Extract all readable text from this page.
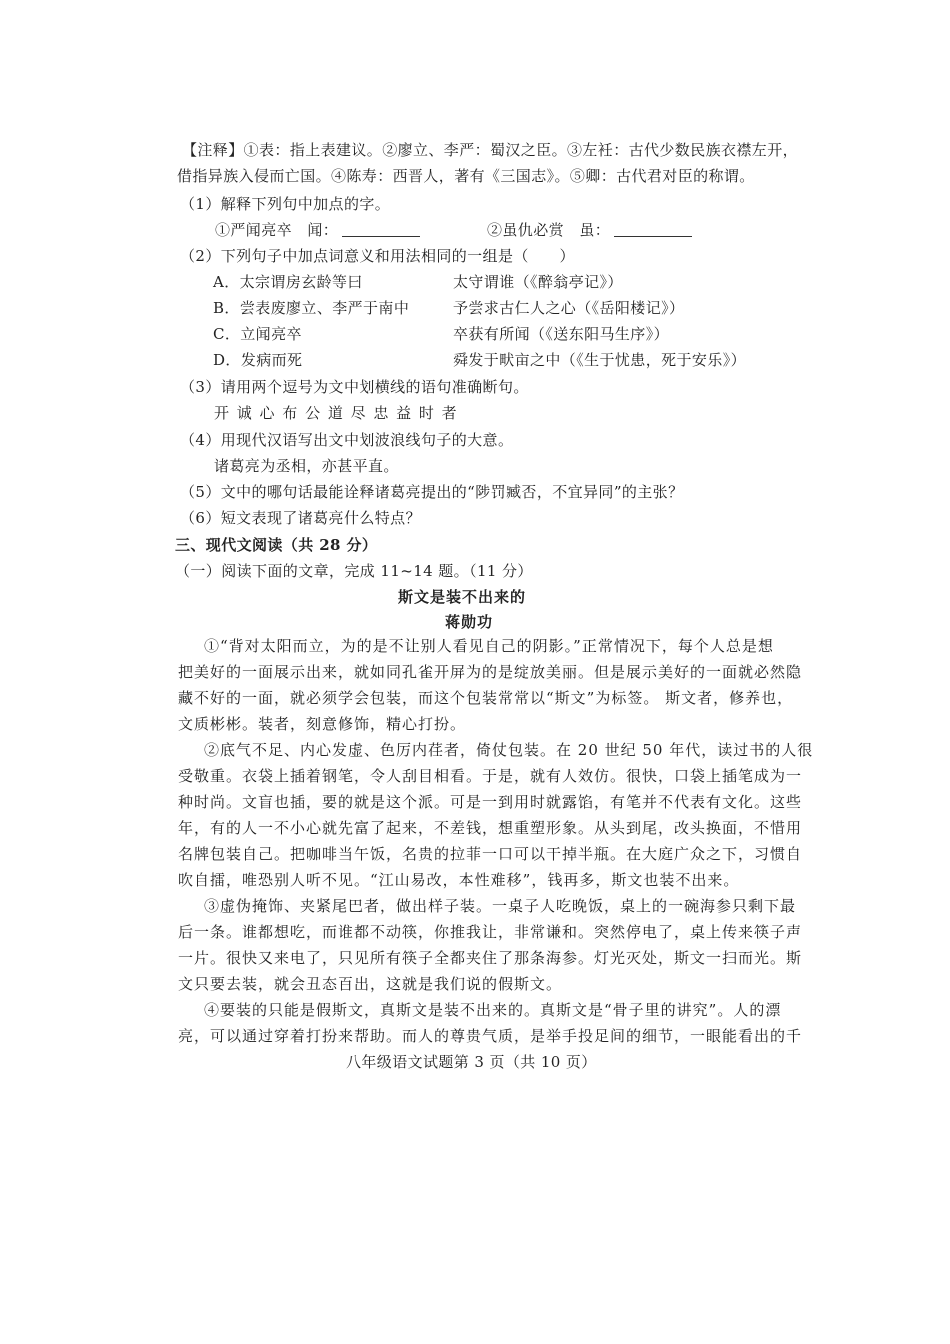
【注释】①表：指上表建议。②廖立、李严：蜀汉之臣。③左衽：古代少数民族衣襟左开，
借指异族入侵而亡国。④陈寿：西晋人，著有《三国志》。⑤卿：古代君对臣的称谓。
（1）解释下列句中加点的字。
①严闻亮卒　闻：	②虽仇必赏　虽：
（2）下列句子中加点词意义和用法相同的一组是（　　）
A．太宗谓房玄龄等曰	太守谓谁（《醉翁亭记》）
B．尝表废廖立、李严于南中	予尝求古仁人之心（《岳阳楼记》）
C．立闻亮卒	卒获有所闻（《送东阳马生序》）
D．发病而死	舜发于畎亩之中（《生于忧患，死于安乐》）
（3）请用两个逗号为文中划横线的语句准确断句。
开 诚 心 布 公 道 尽 忠 益 时 者
（4）用现代汉语写出文中划波浪线句子的大意。
诸葛亮为丞相，亦甚平直。
（5）文中的哪句话最能诠释诸葛亮提出的“陟罚臧否，不宜异同”的主张？
（6）短文表现了诸葛亮什么特点？
三、现代文阅读（共 28 分）
（一）阅读下面的文章，完成 11~14 题。（11 分）
斯文是装不出来的
蒋勋功
①“背对太阳而立，为的是不让别人看见自己的阴影。”正常情况下，每个人总是想
把美好的一面展示出来，就如同孔雀开屏为的是绽放美丽。但是展示美好的一面就必然隐
藏不好的一面，就必须学会包装，而这个包装常常以“斯文”为标签。 斯文者，修养也，
文质彬彬。装者，刻意修饰，精心打扮。
②底气不足、内心发虚、色厉内荏者，倚仗包装。在 20 世纪 50 年代，读过书的人很
受敬重。衣袋上插着钢笔，令人刮目相看。于是，就有人效仿。很快，口袋上插笔成为一
种时尚。文盲也插，要的就是这个派。可是一到用时就露馅，有笔并不代表有文化。这些
年，有的人一不小心就先富了起来，不差钱，想重塑形象。从头到尾，改头换面，不惜用
名牌包装自己。把咖啡当午饭，名贵的拉菲一口可以干掉半瓶。在大庭广众之下，习惯自
吹自擂，唯恐别人听不见。“江山易改，本性难移”，钱再多，斯文也装不出来。
③虚伪掩饰、夹紧尾巴者，做出样子装。一桌子人吃晚饭，桌上的一碗海参只剩下最
后一条。谁都想吃，而谁都不动筷，你推我让，非常谦和。突然停电了，桌上传来筷子声
一片。很快又来电了，只见所有筷子全都夹住了那条海参。灯光灭处，斯文一扫而光。斯
文只要去装，就会丑态百出，这就是我们说的假斯文。
④要装的只能是假斯文，真斯文是装不出来的。真斯文是“骨子里的讲究”。人的漂
亮，可以通过穿着打扮来帮助。而人的尊贵气质，是举手投足间的细节，一眼能看出的千
八年级语文试题第 3 页（共 10 页）
